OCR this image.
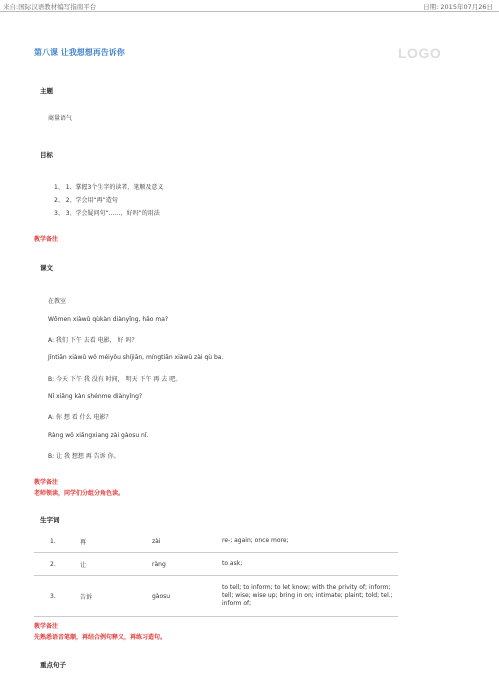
来自:国际汉语教材编写指南平台	日期: 2015年07月26日
第八课 让我想想再告诉你	LOGO
主题
商量语气
目标
1、 1、掌握3个生字的读者、笔顺及意义
2、 2、学会用“再”造句
3、 3、学会疑问句“……，好吗”的用法
教学备注
课文
在教室
Wǒmen xiàwǔ qùkàn diànyǐng, hǎo ma?
A: 我们 下午 去看 电影， 好 吗？
Jīntiān xiàwǔ wǒ méiyǒu shíjiān, míngtiān xiàwǔ zài qù ba.
B: 今天 下午 我 没有 时间， 明天 下午 再 去 吧。
Nǐ xiǎng kàn shénme diànyǐng?
A: 你 想 看 什么 电影？
Ràng wǒ xiǎngxiang zài gàosu nǐ.
B: 让 我 想想 再 告诉 你。
教学备注
老师领读，同学们分组分角色读。
生字词
1.	再	zài	re-; again; once more;
2.	让	ràng	to ask;
3.	告诉	gàosu	to tell; to inform; to let know; with the privity of; inform; tell; wise; wise up; bring in on; intimate; plaint; told; tel.; inform of;
教学备注
先熟悉语音笔顺，再结合例句释义，再练习造句。
重点句子
